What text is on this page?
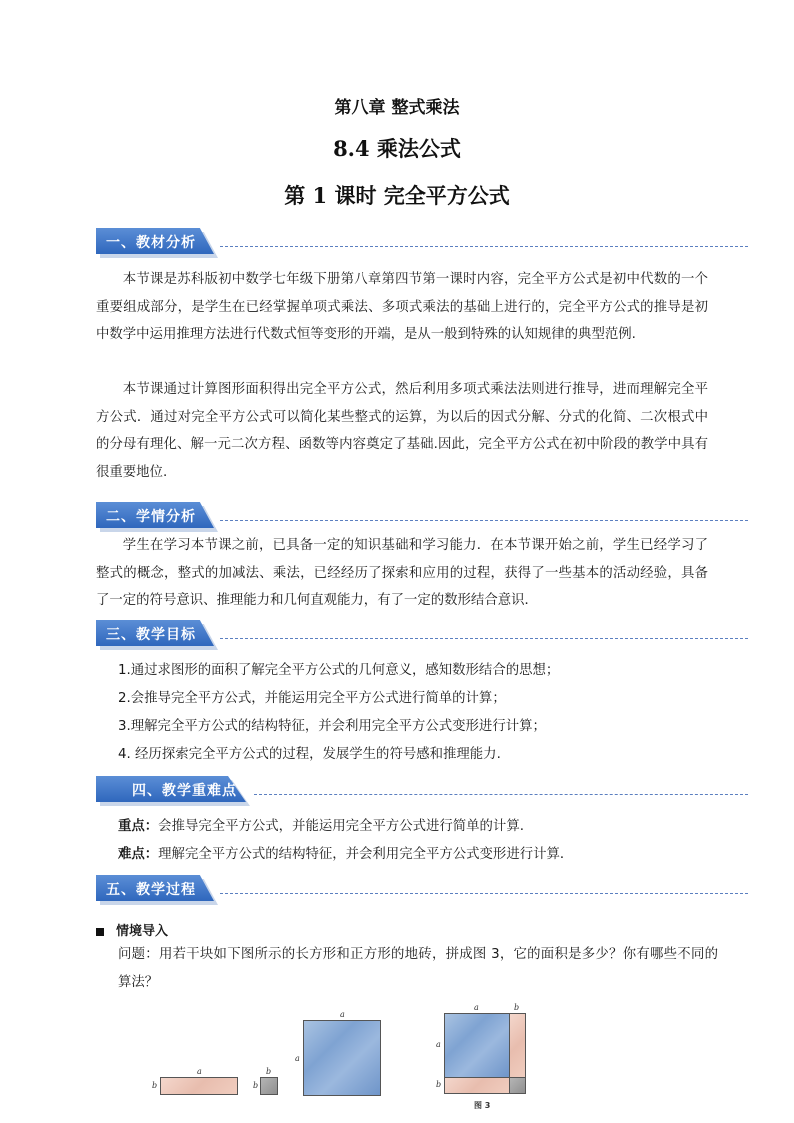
第八章 整式乘法
8.4 乘法公式
第 1 课时 完全平方公式
一、教材分析

本节课是苏科版初中数学七年级下册第八章第四节第一课时内容，完全平方公式是初中代数的一个重要组成部分，是学生在已经掌握单项式乘法、多项式乘法的基础上进行的，完全平方公式的推导是初中数学中运用推理方法进行代数式恒等变形的开端，是从一般到特殊的认知规律的典型范例.

本节课通过计算图形面积得出完全平方公式，然后利用多项式乘法法则进行推导，进而理解完全平方公式．通过对完全平方公式可以简化某些整式的运算，为以后的因式分解、分式的化简、二次根式中的分母有理化、解一元二次方程、函数等内容奠定了基础.因此，完全平方公式在初中阶段的教学中具有很重要地位.

二、学情分析

学生在学习本节课之前，已具备一定的知识基础和学习能力．在本节课开始之前，学生已经学习了整式的概念，整式的加减法、乘法，已经经历了探索和应用的过程，获得了一些基本的活动经验，具备了一定的符号意识、推理能力和几何直观能力，有了一定的数形结合意识．

三、教学目标
1.通过求图形的面积了解完全平方公式的几何意义，感知数形结合的思想；
2.会推导完全平方公式，并能运用完全平方公式进行简单的计算；
3.理解完全平方公式的结构特征，并会利用完全平方公式变形进行计算；
4. 经历探索完全平方公式的过程，发展学生的符号感和推理能力.
四、教学重难点
重点：会推导完全平方公式，并能运用完全平方公式进行简单的计算.
难点：理解完全平方公式的结构特征，并会利用完全平方公式变形进行计算．
五、教学过程
情境导入

问题：用若干块如下图所示的长方形和正方形的地砖，拼成图 3，它的面积是多少？你有哪些不同的算法？

a
b
b
b
a
a
a	b
a
b
图 3
